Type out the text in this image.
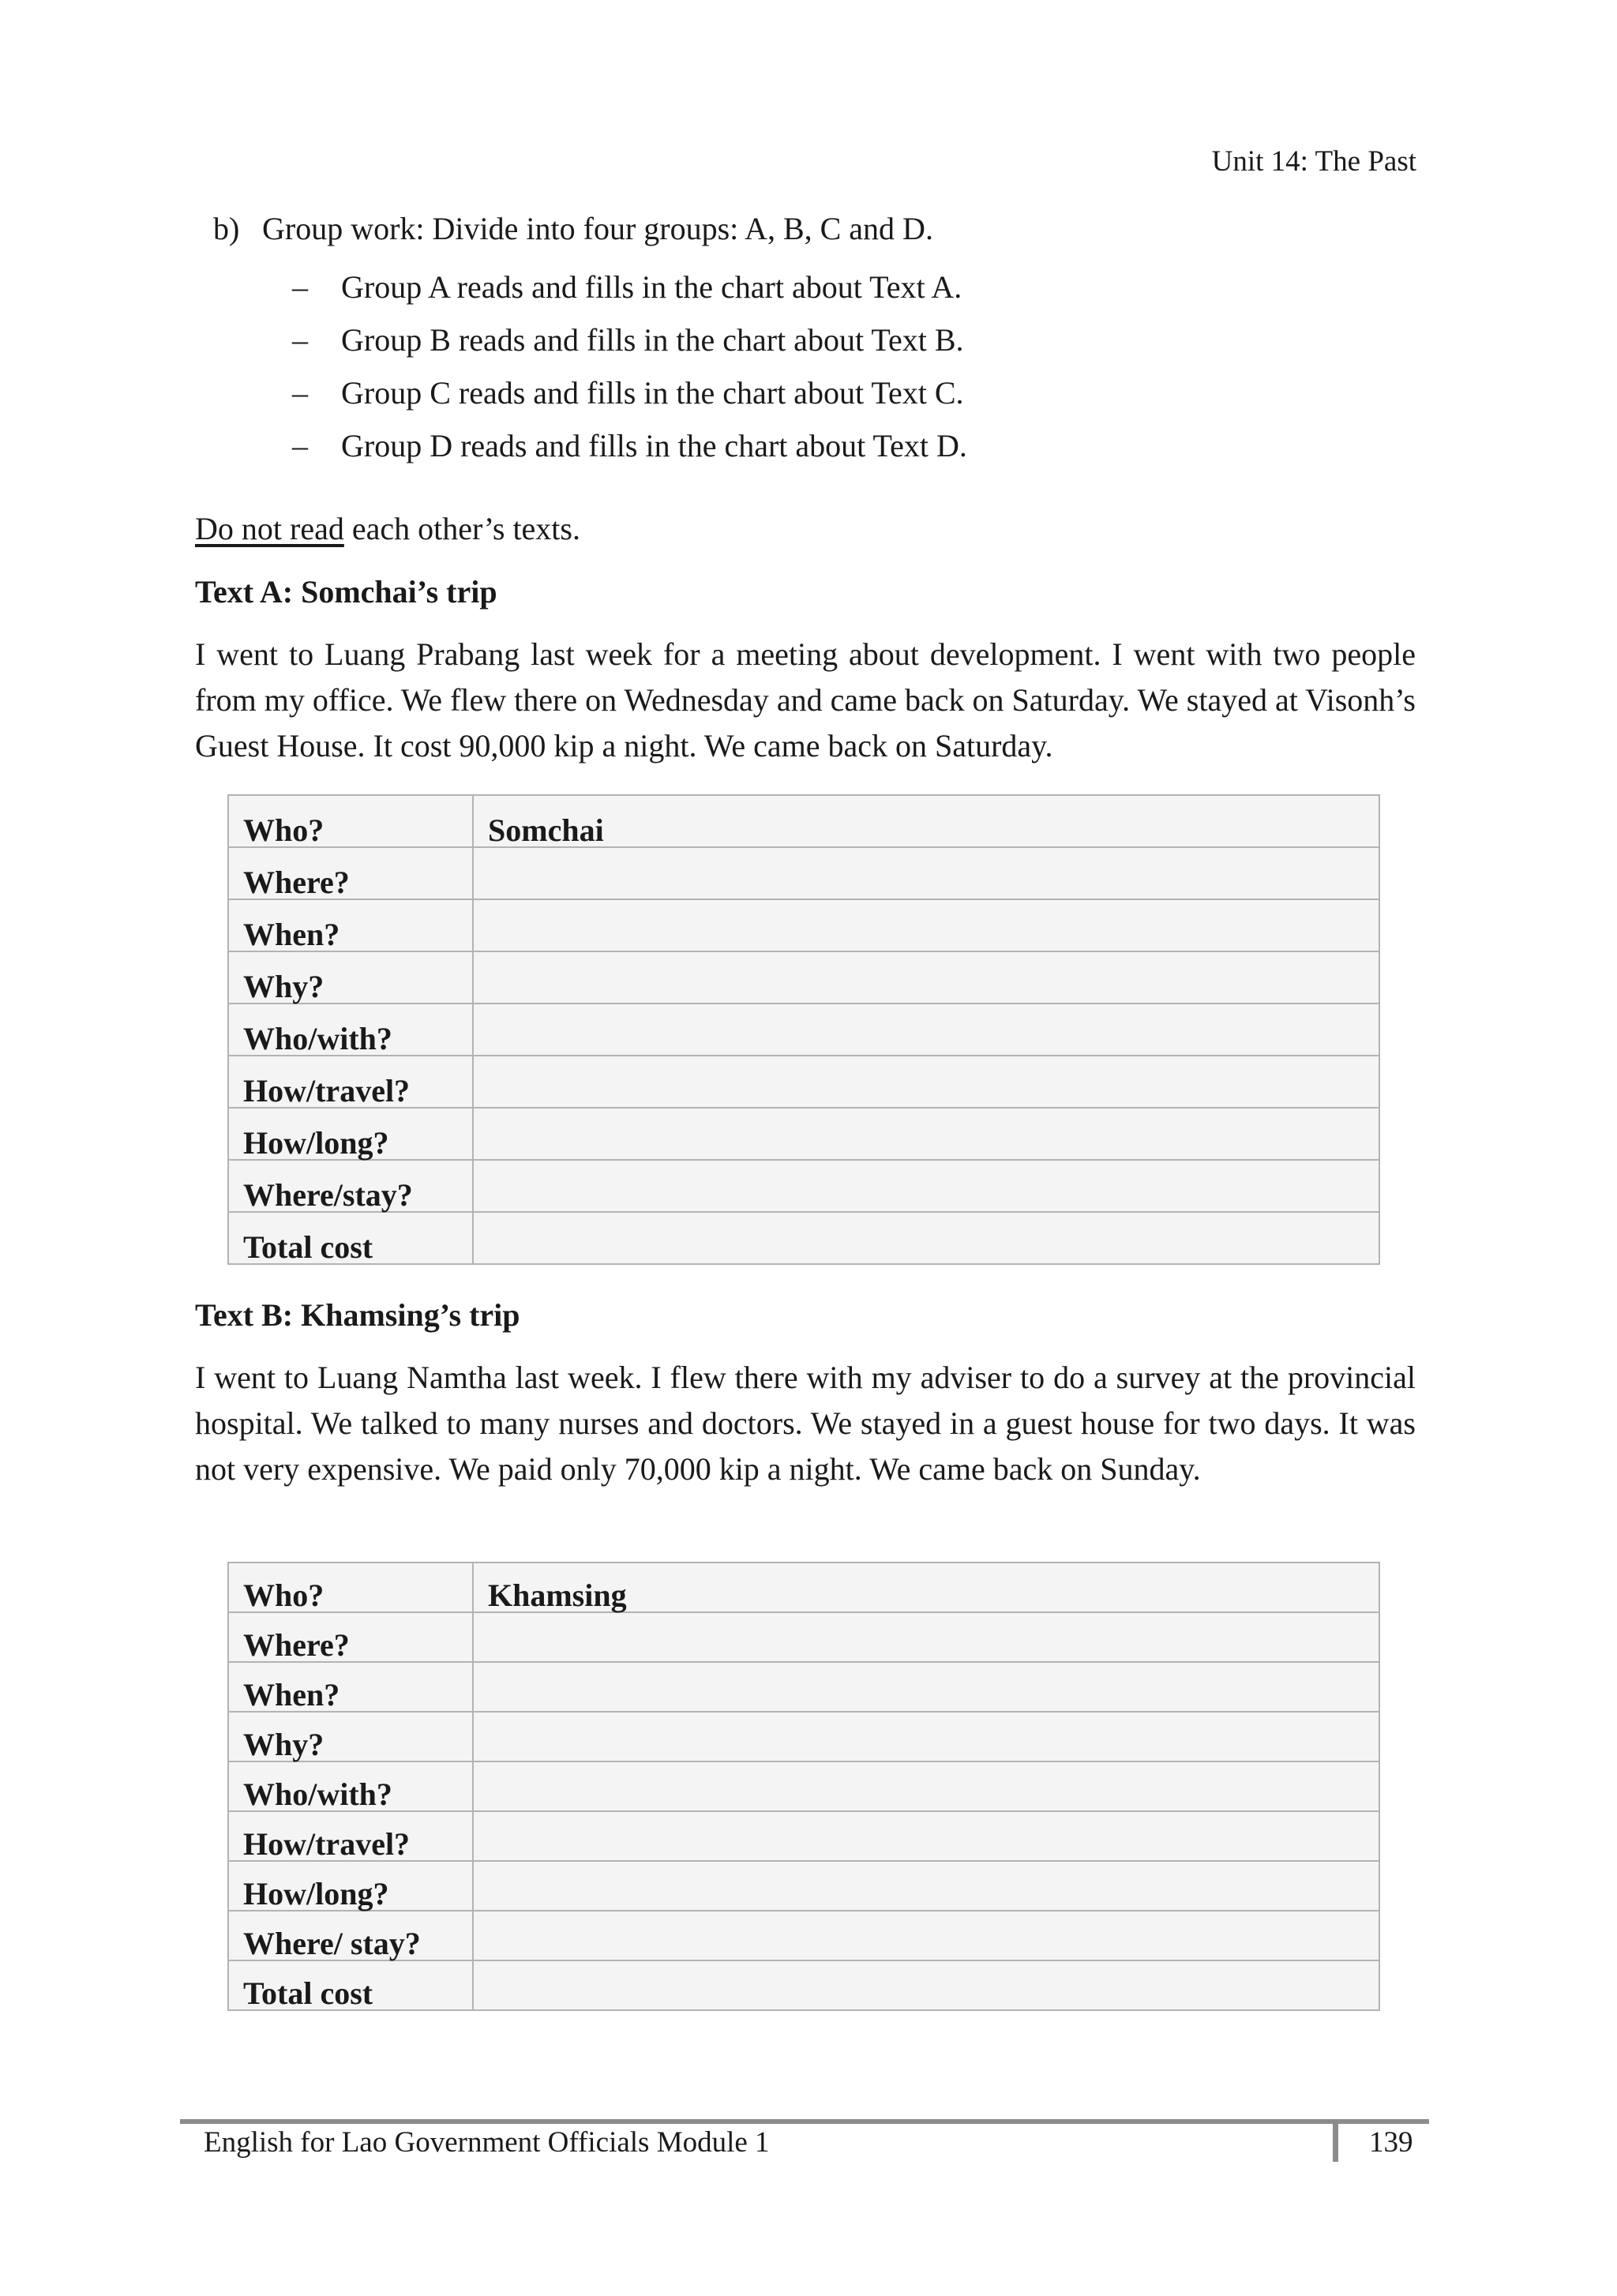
Unit 14: The Past
b) Group work: Divide into four groups: A, B, C and D.
– Group A reads and fills in the chart about Text A.
– Group B reads and fills in the chart about Text B.
– Group C reads and fills in the chart about Text C.
– Group D reads and fills in the chart about Text D.
Do not read each other’s texts.
Text A: Somchai’s trip

I went to Luang Prabang last week for a meeting about development. I went with two people from my office. We flew there on Wednesday and came back on Saturday. We stayed at Visonh’s Guest House. It cost 90,000 kip a night. We came back on Saturday.

Who?	Somchai
Where?	
When?	
Why?	
Who/with?	
How/travel?	
How/long?	
Where/stay?	
Total cost	
Text B: Khamsing’s trip

I went to Luang Namtha last week. I flew there with my adviser to do a survey at the provincial hospital. We talked to many nurses and doctors. We stayed in a guest house for two days. It was not very expensive. We paid only 70,000 kip a night. We came back on Sunday.

Who?	Khamsing
Where?	
When?	
Why?	
Who/with?	
How/travel?	
How/long?	
Where/ stay?	
Total cost	
English for Lao Government Officials Module 1	139
